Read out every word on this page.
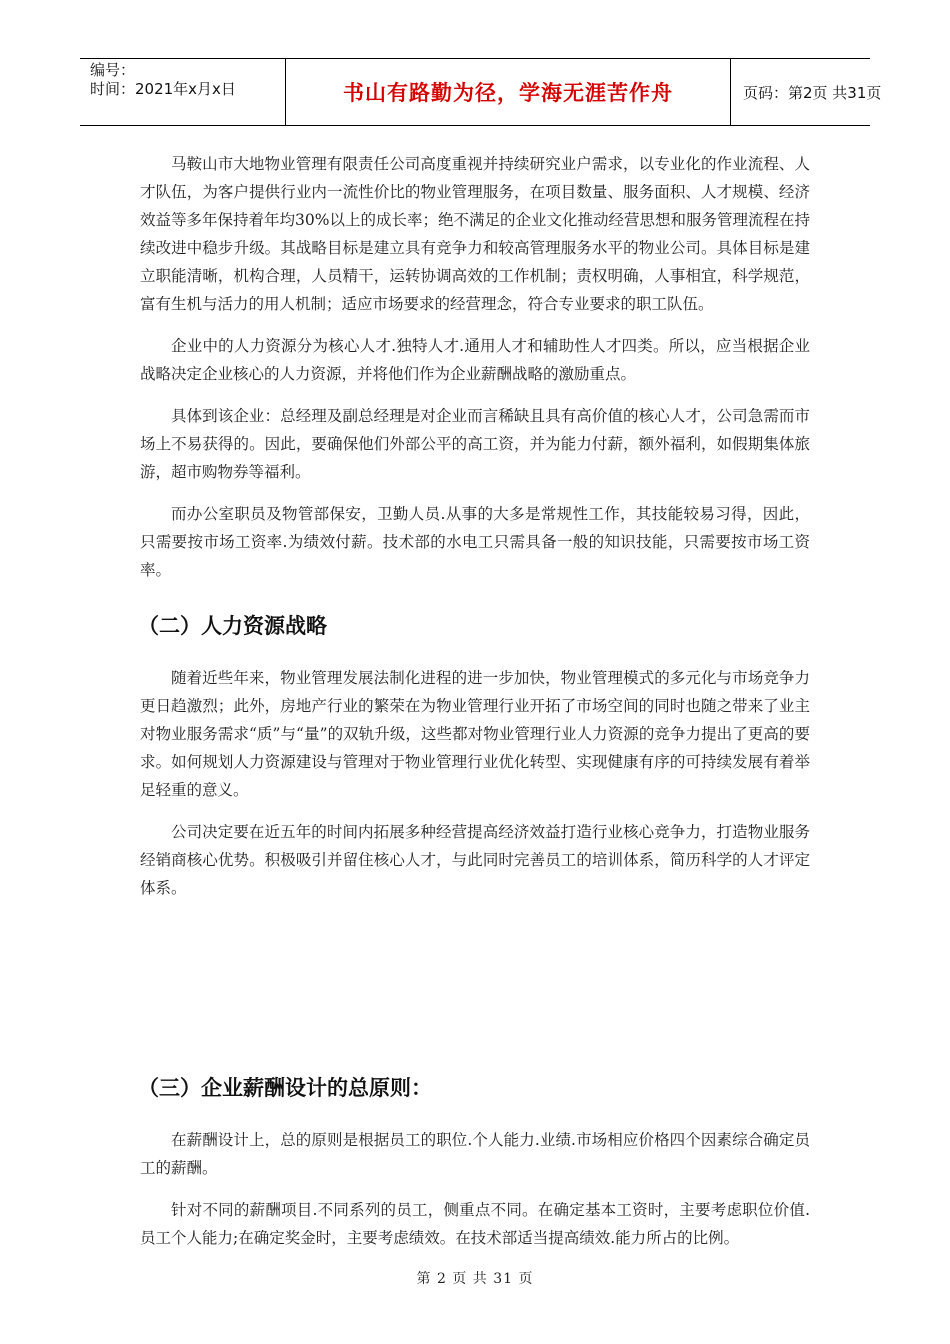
编号：
时间：2021年x月x日	书山有路勤为径，学海无涯苦作舟	页码：第2页 共31页

马鞍山市大地物业管理有限责任公司高度重视并持续研究业户需求，以专业化的作业流程、人才队伍，为客户提供行业内一流性价比的物业管理服务，在项目数量、服务面积、人才规模、经济效益等多年保持着年均30%以上的成长率；绝不满足的企业文化推动经营思想和服务管理流程在持续改进中稳步升级。其战略目标是建立具有竞争力和较高管理服务水平的物业公司。具体目标是建立职能清晰，机构合理，人员精干，运转协调高效的工作机制；责权明确，人事相宜，科学规范，富有生机与活力的用人机制；适应市场要求的经营理念，符合专业要求的职工队伍。

企业中的人力资源分为核心人才.独特人才.通用人才和辅助性人才四类。所以，应当根据企业战略决定企业核心的人力资源，并将他们作为企业薪酬战略的激励重点。

具体到该企业：总经理及副总经理是对企业而言稀缺且具有高价值的核心人才，公司急需而市场上不易获得的。因此，要确保他们外部公平的高工资，并为能力付薪，额外福利，如假期集体旅游，超市购物券等福利。

而办公室职员及物管部保安，卫勤人员.从事的大多是常规性工作，其技能较易习得，因此，只需要按市场工资率.为绩效付薪。技术部的水电工只需具备一般的知识技能，只需要按市场工资率。

（二）人力资源战略

随着近些年来，物业管理发展法制化进程的进一步加快，物业管理模式的多元化与市场竞争力更日趋激烈；此外，房地产行业的繁荣在为物业管理行业开拓了市场空间的同时也随之带来了业主对物业服务需求“质”与“量”的双轨升级，这些都对物业管理行业人力资源的竞争力提出了更高的要求。如何规划人力资源建设与管理对于物业管理行业优化转型、实现健康有序的可持续发展有着举足轻重的意义。

公司决定要在近五年的时间内拓展多种经营提高经济效益打造行业核心竞争力，打造物业服务经销商核心优势。积极吸引并留住核心人才，与此同时完善员工的培训体系，简历科学的人才评定体系。

（三）企业薪酬设计的总原则：

在薪酬设计上，总的原则是根据员工的职位.个人能力.业绩.市场相应价格四个因素综合确定员工的薪酬。

针对不同的薪酬项目.不同系列的员工，侧重点不同。在确定基本工资时，主要考虑职位价值.员工个人能力;在确定奖金时，主要考虑绩效。在技术部适当提高绩效.能力所占的比例。

第 2 页 共 31 页
